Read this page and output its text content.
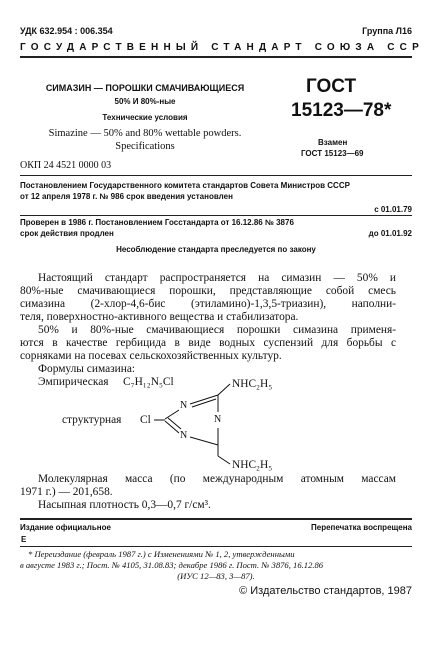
УДК 632.954 : 006.354	Группа Л16
ГОСУДАРСТВЕННЫЙ СТАНДАРТ СОЮЗА ССР
СИМАЗИН — ПОРОШКИ СМАЧИВАЮЩИЕСЯ
50% И 80%-ные
Технические условия
Simazine — 50% and 80% wettable powders.
Specifications
ОКП 24 4521 0000 03
ГОСТ
15123—78*
Взамен
ГОСТ 15123—69
Постановлением Государственного комитета стандартов Совета Министров СССР
от 12 апреля 1978 г. № 986 срок введения установлен
с 01.01.79
Проверен в 1986 г. Постановлением Госстандарта от 16.12.86 № 3876
срок действия продлен	до 01.01.92
Несоблюдение стандарта преследуется по закону
Настоящий стандарт распространяется на симазин — 50% и
80%-ные смачивающиеся порошки, представляющие собой смесь
симазина (2-хлор-4,6-бис (этиламино)-1,3,5-триазин), наполни-
теля, поверхностно-активного вещества и стабилизатора.
50% и 80%-ные смачивающиеся порошки симазина применя-
ются в качестве гербицида в виде водных суспензий для борьбы с
сорняками на посевах сельскохозяйственных культур.
Формулы симазина:
Эмпирическая C₇H₁₂N₅Cl
структурная
NHC₂H₅
NHC₂H₅
Cl
N
N
N
Молекулярная масса (по международным атомным массам
1971 г.) — 201,658.
Насыпная плотность 0,3—0,7 г/см³.
Издание официальное	Перепечатка воспрещена
E
* Переиздание (февраль 1987 г.) с Изменениями № 1, 2, утвержденными
в августе 1983 г.; Пост. № 4105, 31.08.83; декабре 1986 г. Пост. № 3876, 16.12.86
(ИУС 12—83, 3—87).
© Издательство стандартов, 1987
